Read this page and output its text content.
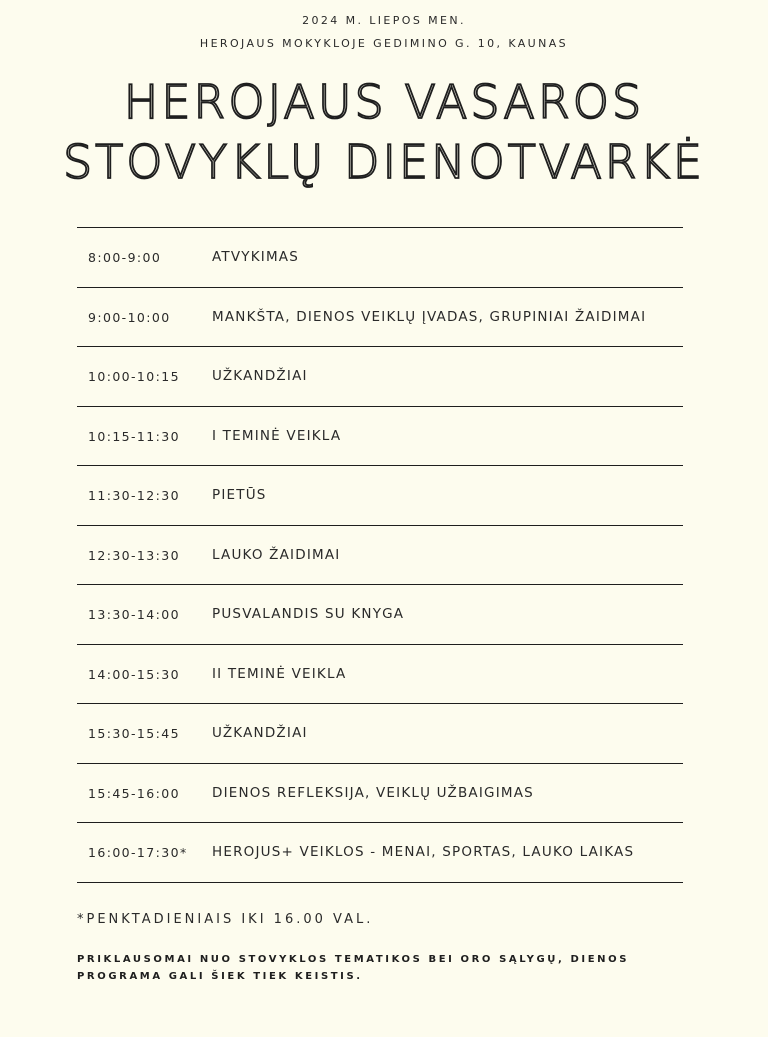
2024 M. LIEPOS MEN.
HEROJAUS MOKYKLOJE GEDIMINO G. 10, KAUNAS
HEROJAUS VASAROS
STOVYKLŲ DIENOTVARKĖ
8:00-9:00	ATVYKIMAS
9:00-10:00	MANKŠTA, DIENOS VEIKLŲ ĮVADAS, GRUPINIAI ŽAIDIMAI
10:00-10:15 UŽKANDŽIAI
10:15-11:30 I TEMINĖ VEIKLA
11:30-12:30 PIETŪS
12:30-13:30 LAUKO ŽAIDIMAI
13:30-14:00 PUSVALANDIS SU KNYGA
14:00-15:30 II TEMINĖ VEIKLA
15:30-15:45 UŽKANDŽIAI
15:45-16:00 DIENOS REFLEKSIJA, VEIKLŲ UŽBAIGIMAS
16:00-17:30* HEROJUS+ VEIKLOS - MENAI, SPORTAS, LAUKO LAIKAS
*PENKTADIENIAIS IKI 16.00 VAL.
PRIKLAUSOMAI NUO STOVYKLOS TEMATIKOS BEI ORO SĄLYGŲ, DIENOS PROGRAMA GALI ŠIEK TIEK KEISTIS.
